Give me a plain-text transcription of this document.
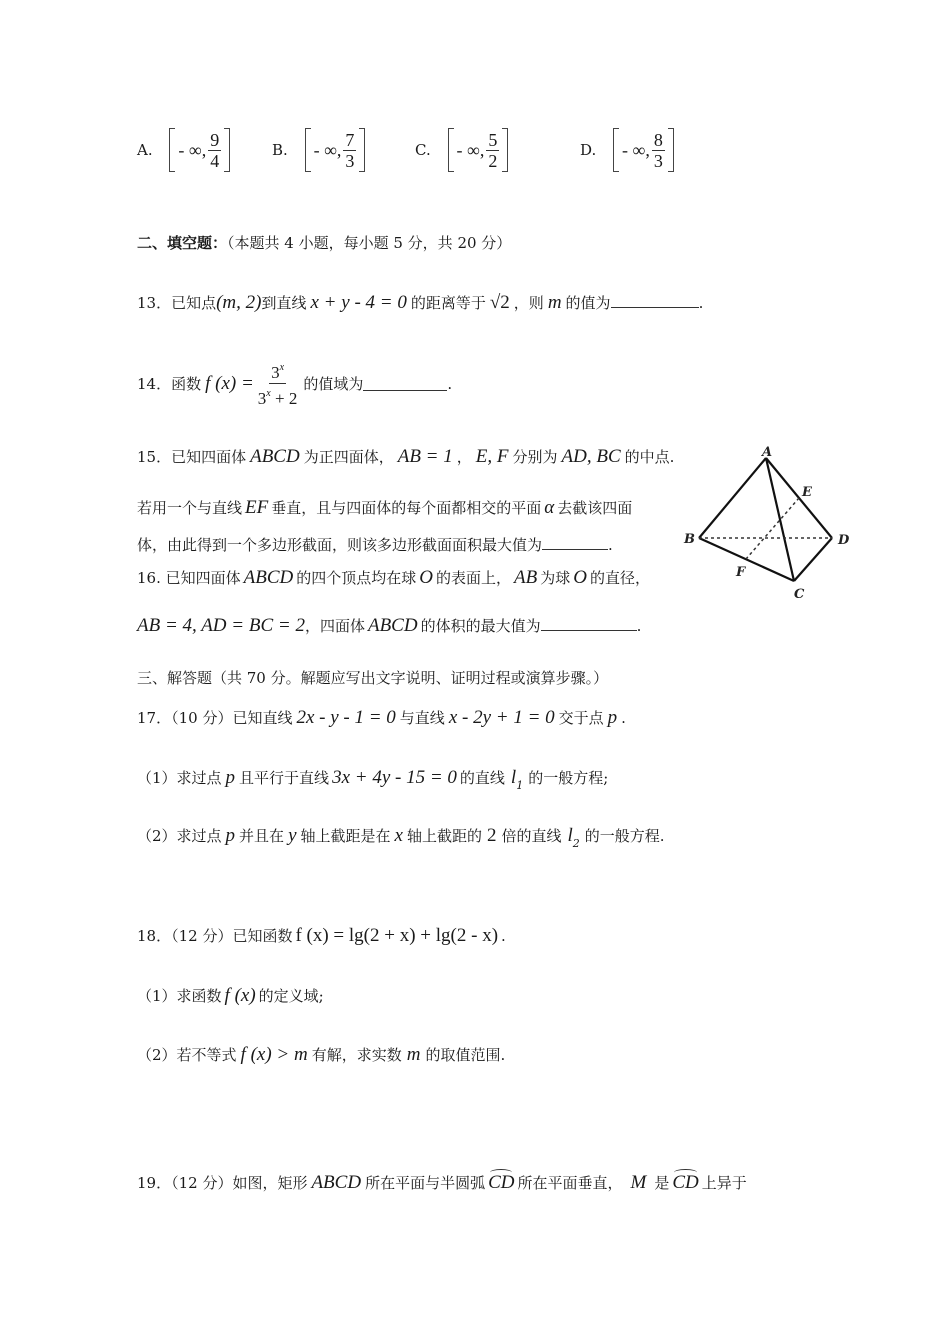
A. - ∞, $\frac{9}{4}$	B. - ∞, $\frac{7}{3}$	C. - ∞, $\frac{5}{2}$	D. - ∞, $\frac{8}{3}$
二、填空题：（本题共 4 小题，每小题 5 分，共 20 分）
13．已知点(m, 2)到直线 x + y - 4 = 0 的距离等于 √2 ，则 m 的值为	.
14．函数 f $(x) = \frac{3^x}{3^x + 2}$ 的值域为	.
15．已知四面体 ABCD 为正四面体， AB = 1 ， E, F 分别为 AD, BC 的中点.
若用一个与直线 EF 垂直，且与四面体的每个面都相交的平面 α 去截该四面
体，由此得到一个多边形截面，则该多边形截面面积最大值为	.
16. 已知四面体 ABCD 的四个顶点均在球 O 的表面上， AB 为球 O 的直径，
AB = 4, AD = BC = 2，四面体 ABCD 的体积的最大值为	.
A
B
C
D
E
F
三、解答题（共 70 分。解题应写出文字说明、证明过程或演算步骤。）
17．（10 分）已知直线 2x - y - 1 = 0 与直线 x - 2y + 1 = 0 交于点 p .
（1）求过点 p 且平行于直线 3x + 4y - 15 = 0 的直线 $l_1$ 的一般方程;
（2）求过点 p 并且在 y 轴上截距是在 x 轴上截距的 2 倍的直线 $l_2$ 的一般方程.
18．（12 分）已知函数 f (x) = lg(2 + x) + lg(2 - x) .
（1）求函数 f (x) 的定义域;
（2）若不等式 f (x) > m 有解，求实数 m 的取值范围.
19．（12 分）如图，矩形 ABCD 所在平面与半圆弧 CD 所在平面垂直， M 是 CD 上异于
